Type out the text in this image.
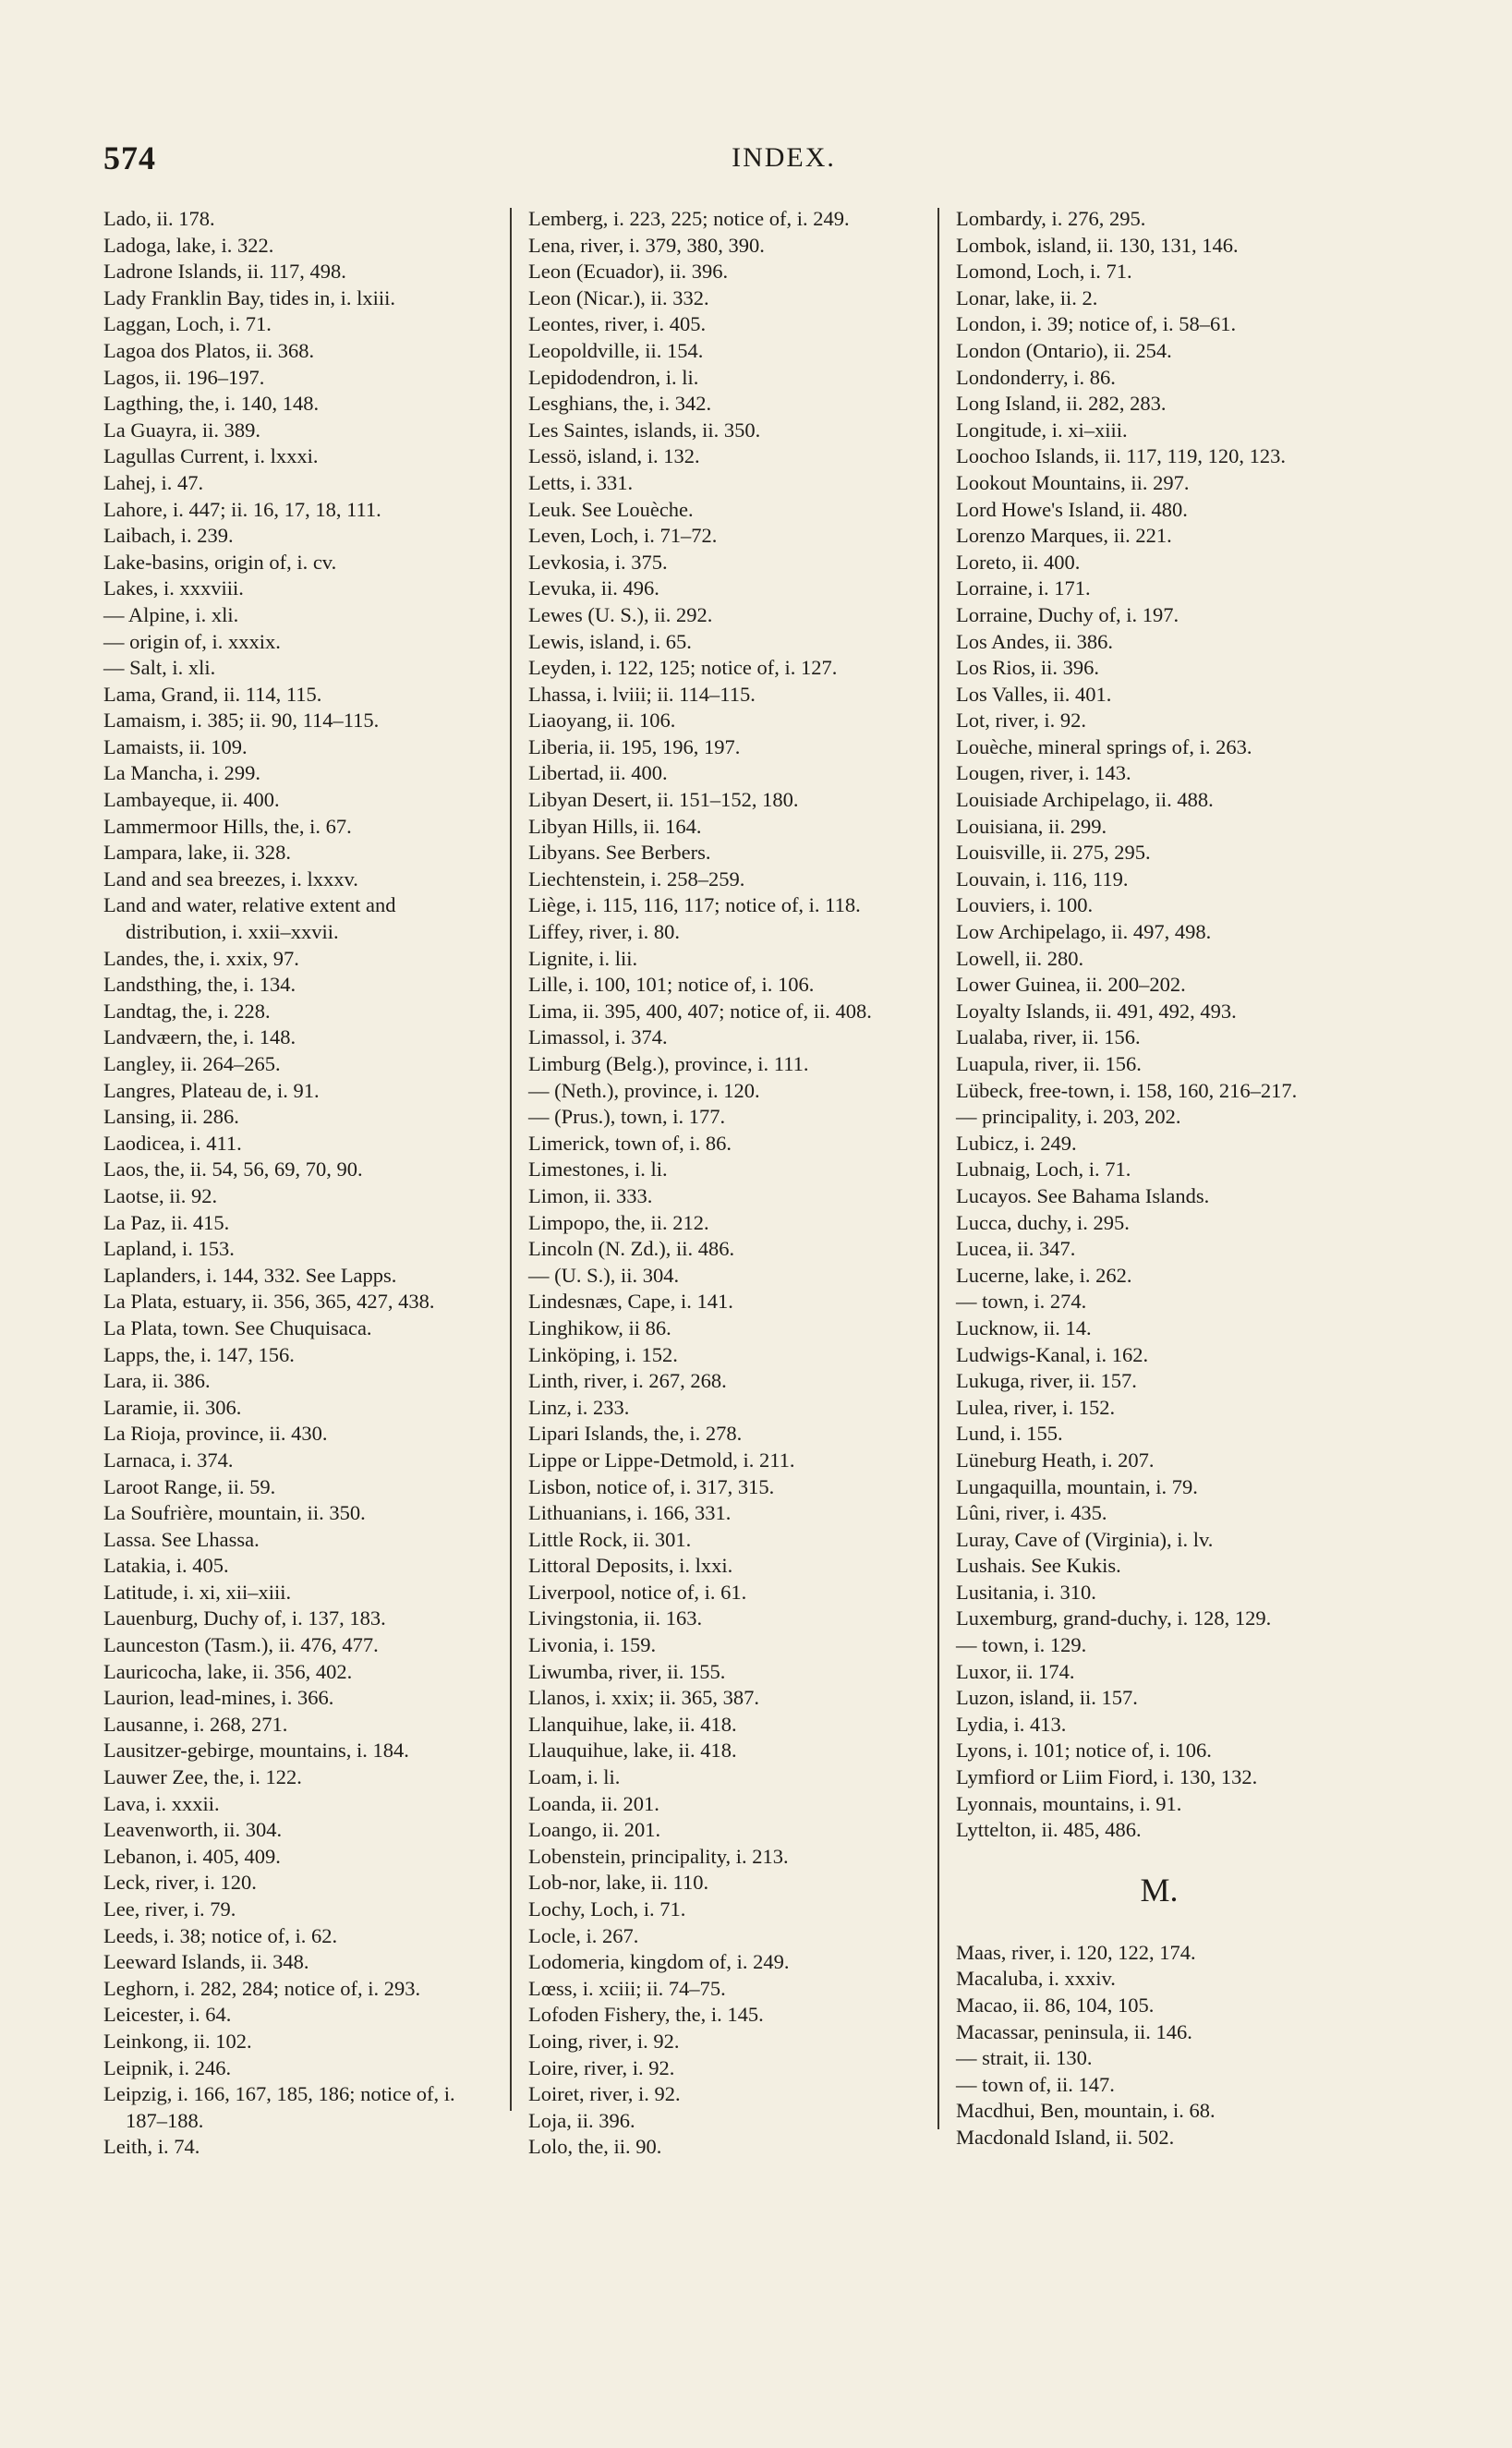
574	INDEX.
Lado, ii. 178.
Ladoga, lake, i. 322.
Ladrone Islands, ii. 117, 498.
Lady Franklin Bay, tides in, i. lxiii.
Laggan, Loch, i. 71.
Lagoa dos Platos, ii. 368.
Lagos, ii. 196–197.
Lagthing, the, i. 140, 148.
La Guayra, ii. 389.
Lagullas Current, i. lxxxi.
Lahej, i. 47.
Lahore, i. 447; ii. 16, 17, 18, 111.
Laibach, i. 239.
Lake-basins, origin of, i. cv.
Lakes, i. xxxviii.
— Alpine, i. xli.
— origin of, i. xxxix.
— Salt, i. xli.
Lama, Grand, ii. 114, 115.
Lamaism, i. 385; ii. 90, 114–115.
Lamaists, ii. 109.
La Mancha, i. 299.
Lambayeque, ii. 400.
Lammermoor Hills, the, i. 67.
Lampara, lake, ii. 328.
Land and sea breezes, i. lxxxv.
Land and water, relative extent and distribution, i. xxii–xxvii.
Landes, the, i. xxix, 97.
Landsthing, the, i. 134.
Landtag, the, i. 228.
Landvæern, the, i. 148.
Langley, ii. 264–265.
Langres, Plateau de, i. 91.
Lansing, ii. 286.
Laodicea, i. 411.
Laos, the, ii. 54, 56, 69, 70, 90.
Laotse, ii. 92.
La Paz, ii. 415.
Lapland, i. 153.
Laplanders, i. 144, 332. See Lapps.
La Plata, estuary, ii. 356, 365, 427, 438.
La Plata, town. See Chuquisaca.
Lapps, the, i. 147, 156.
Lara, ii. 386.
Laramie, ii. 306.
La Rioja, province, ii. 430.
Larnaca, i. 374.
Laroot Range, ii. 59.
La Soufrière, mountain, ii. 350.
Lassa. See Lhassa.
Latakia, i. 405.
Latitude, i. xi, xii–xiii.
Lauenburg, Duchy of, i. 137, 183.
Launceston (Tasm.), ii. 476, 477.
Lauricocha, lake, ii. 356, 402.
Laurion, lead-mines, i. 366.
Lausanne, i. 268, 271.
Lausitzer-gebirge, mountains, i. 184.
Lauwer Zee, the, i. 122.
Lava, i. xxxii.
Leavenworth, ii. 304.
Lebanon, i. 405, 409.
Leck, river, i. 120.
Lee, river, i. 79.
Leeds, i. 38; notice of, i. 62.
Leeward Islands, ii. 348.
Leghorn, i. 282, 284; notice of, i. 293.
Leicester, i. 64.
Leinkong, ii. 102.
Leipnik, i. 246.
Leipzig, i. 166, 167, 185, 186; notice of, i. 187–188.
Leith, i. 74.
Lemberg, i. 223, 225; notice of, i. 249.
Lena, river, i. 379, 380, 390.
Leon (Ecuador), ii. 396.
Leon (Nicar.), ii. 332.
Leontes, river, i. 405.
Leopoldville, ii. 154.
Lepidodendron, i. li.
Lesghians, the, i. 342.
Les Saintes, islands, ii. 350.
Lessö, island, i. 132.
Letts, i. 331.
Leuk. See Louèche.
Leven, Loch, i. 71–72.
Levkosia, i. 375.
Levuka, ii. 496.
Lewes (U. S.), ii. 292.
Lewis, island, i. 65.
Leyden, i. 122, 125; notice of, i. 127.
Lhassa, i. lviii; ii. 114–115.
Liaoyang, ii. 106.
Liberia, ii. 195, 196, 197.
Libertad, ii. 400.
Libyan Desert, ii. 151–152, 180.
Libyan Hills, ii. 164.
Libyans. See Berbers.
Liechtenstein, i. 258–259.
Liège, i. 115, 116, 117; notice of, i. 118.
Liffey, river, i. 80.
Lignite, i. lii.
Lille, i. 100, 101; notice of, i. 106.
Lima, ii. 395, 400, 407; notice of, ii. 408.
Limassol, i. 374.
Limburg (Belg.), province, i. 111.
— (Neth.), province, i. 120.
— (Prus.), town, i. 177.
Limerick, town of, i. 86.
Limestones, i. li.
Limon, ii. 333.
Limpopo, the, ii. 212.
Lincoln (N. Zd.), ii. 486.
— (U. S.), ii. 304.
Lindesnæs, Cape, i. 141.
Linghikow, ii 86.
Linköping, i. 152.
Linth, river, i. 267, 268.
Linz, i. 233.
Lipari Islands, the, i. 278.
Lippe or Lippe-Detmold, i. 211.
Lisbon, notice of, i. 317, 315.
Lithuanians, i. 166, 331.
Little Rock, ii. 301.
Littoral Deposits, i. lxxi.
Liverpool, notice of, i. 61.
Livingstonia, ii. 163.
Livonia, i. 159.
Liwumba, river, ii. 155.
Llanos, i. xxix; ii. 365, 387.
Llanquihue, lake, ii. 418.
Llauquihue, lake, ii. 418.
Loam, i. li.
Loanda, ii. 201.
Loango, ii. 201.
Lobenstein, principality, i. 213.
Lob-nor, lake, ii. 110.
Lochy, Loch, i. 71.
Locle, i. 267.
Lodomeria, kingdom of, i. 249.
Lœss, i. xciii; ii. 74–75.
Lofoden Fishery, the, i. 145.
Loing, river, i. 92.
Loire, river, i. 92.
Loiret, river, i. 92.
Loja, ii. 396.
Lolo, the, ii. 90.
Lombardy, i. 276, 295.
Lombok, island, ii. 130, 131, 146.
Lomond, Loch, i. 71.
Lonar, lake, ii. 2.
London, i. 39; notice of, i. 58–61.
London (Ontario), ii. 254.
Londonderry, i. 86.
Long Island, ii. 282, 283.
Longitude, i. xi–xiii.
Loochoo Islands, ii. 117, 119, 120, 123.
Lookout Mountains, ii. 297.
Lord Howe's Island, ii. 480.
Lorenzo Marques, ii. 221.
Loreto, ii. 400.
Lorraine, i. 171.
Lorraine, Duchy of, i. 197.
Los Andes, ii. 386.
Los Rios, ii. 396.
Los Valles, ii. 401.
Lot, river, i. 92.
Louèche, mineral springs of, i. 263.
Lougen, river, i. 143.
Louisiade Archipelago, ii. 488.
Louisiana, ii. 299.
Louisville, ii. 275, 295.
Louvain, i. 116, 119.
Louviers, i. 100.
Low Archipelago, ii. 497, 498.
Lowell, ii. 280.
Lower Guinea, ii. 200–202.
Loyalty Islands, ii. 491, 492, 493.
Lualaba, river, ii. 156.
Luapula, river, ii. 156.
Lübeck, free-town, i. 158, 160, 216–217.
— principality, i. 203, 202.
Lubicz, i. 249.
Lubnaig, Loch, i. 71.
Lucayos. See Bahama Islands.
Lucca, duchy, i. 295.
Lucea, ii. 347.
Lucerne, lake, i. 262.
— town, i. 274.
Lucknow, ii. 14.
Ludwigs-Kanal, i. 162.
Lukuga, river, ii. 157.
Lulea, river, i. 152.
Lund, i. 155.
Lüneburg Heath, i. 207.
Lungaquilla, mountain, i. 79.
Lûni, river, i. 435.
Luray, Cave of (Virginia), i. lv.
Lushais. See Kukis.
Lusitania, i. 310.
Luxemburg, grand-duchy, i. 128, 129.
— town, i. 129.
Luxor, ii. 174.
Luzon, island, ii. 157.
Lydia, i. 413.
Lyons, i. 101; notice of, i. 106.
Lymfiord or Liim Fiord, i. 130, 132.
Lyonnais, mountains, i. 91.
Lyttelton, ii. 485, 486.
M.
Maas, river, i. 120, 122, 174.
Macaluba, i. xxxiv.
Macao, ii. 86, 104, 105.
Macassar, peninsula, ii. 146.
— strait, ii. 130.
— town of, ii. 147.
Macdhui, Ben, mountain, i. 68.
Macdonald Island, ii. 502.
